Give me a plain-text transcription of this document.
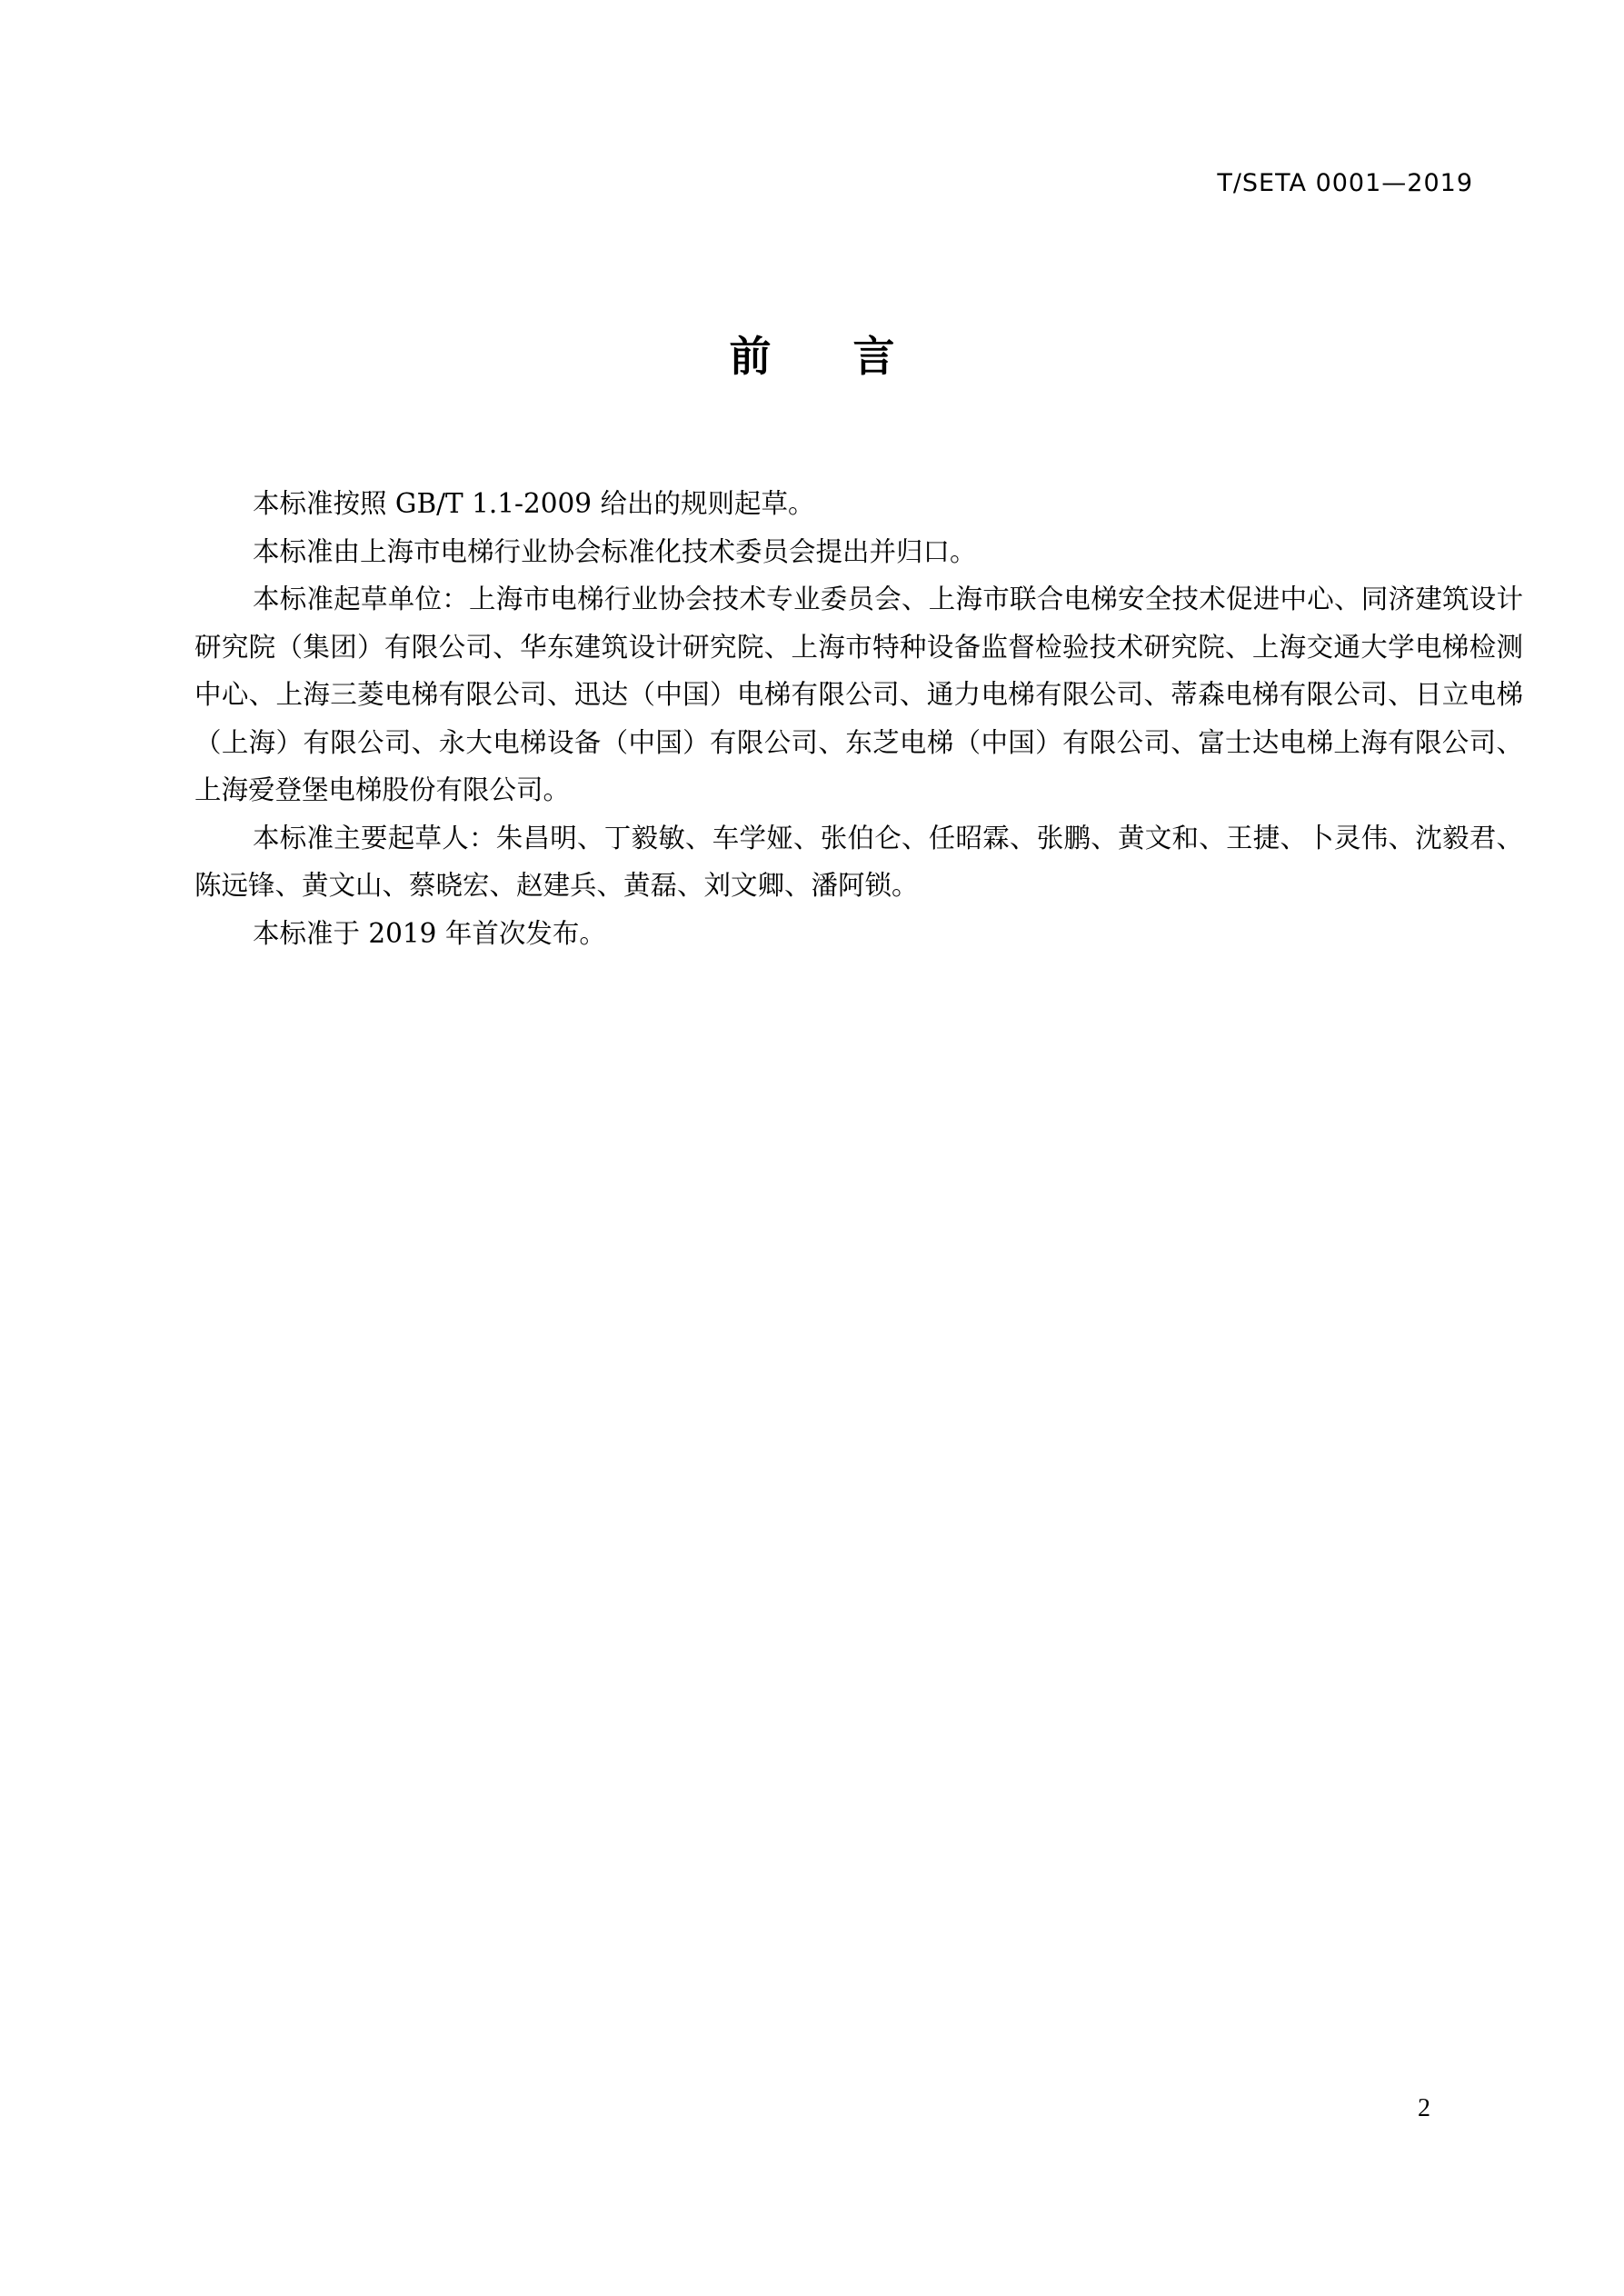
T/SETA 0001—2019
前言

本标准按照 GB/T 1.1-2009 给出的规则起草。

本标准由上海市电梯行业协会标准化技术委员会提出并归口。

本标准起草单位：上海市电梯行业协会技术专业委员会、上海市联合电梯安全技术促进中心、同济建筑设计研究院（集团）有限公司、华东建筑设计研究院、上海市特种设备监督检验技术研究院、上海交通大学电梯检测中心、上海三菱电梯有限公司、迅达（中国）电梯有限公司、通力电梯有限公司、蒂森电梯有限公司、日立电梯（上海）有限公司、永大电梯设备（中国）有限公司、东芝电梯（中国）有限公司、富士达电梯上海有限公司、上海爱登堡电梯股份有限公司。

本标准主要起草人：朱昌明、丁毅敏、车学娅、张伯仑、任昭霖、张鹏、黄文和、王捷、卜灵伟、沈毅君、陈远锋、黄文山、蔡晓宏、赵建兵、黄磊、刘文卿、潘阿锁。

本标准于 2019 年首次发布。

2
